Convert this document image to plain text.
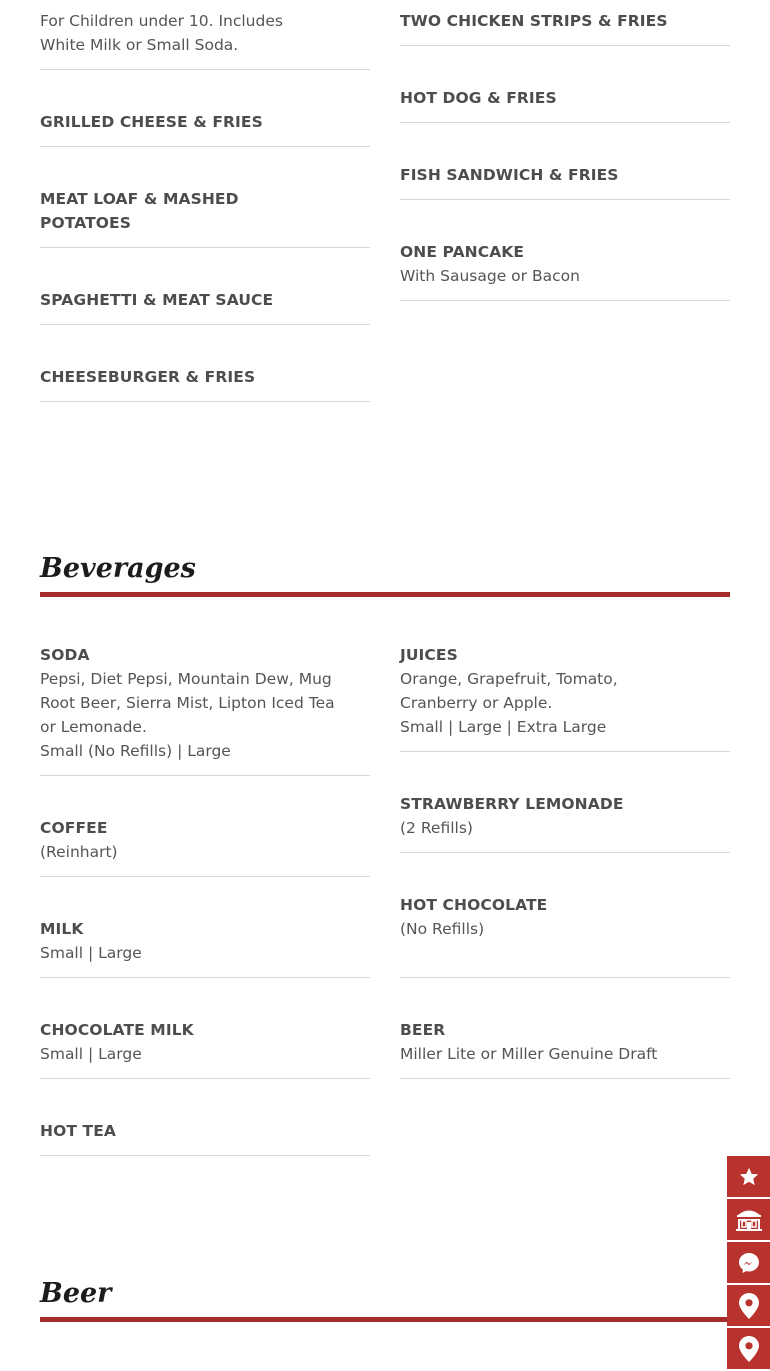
For Children under 10. Includes White Milk or Small Soda.
GRILLED CHEESE & FRIES
MEAT LOAF & MASHED POTATOES
SPAGHETTI & MEAT SAUCE
CHEESEBURGER & FRIES
TWO CHICKEN STRIPS & FRIES
HOT DOG & FRIES
FISH SANDWICH & FRIES
ONE PANCAKE
With Sausage or Bacon
Beverages
SODA
Pepsi, Diet Pepsi, Mountain Dew, Mug Root Beer, Sierra Mist, Lipton Iced Tea or Lemonade.
Small (No Refills) | Large
COFFEE
(Reinhart)
MILK
Small | Large
CHOCOLATE MILK
Small | Large
HOT TEA
JUICES
Orange, Grapefruit, Tomato, Cranberry or Apple.
Small | Large | Extra Large
STRAWBERRY LEMONADE
(2 Refills)
HOT CHOCOLATE
(No Refills)
BEER
Miller Lite or Miller Genuine Draft
Beer
